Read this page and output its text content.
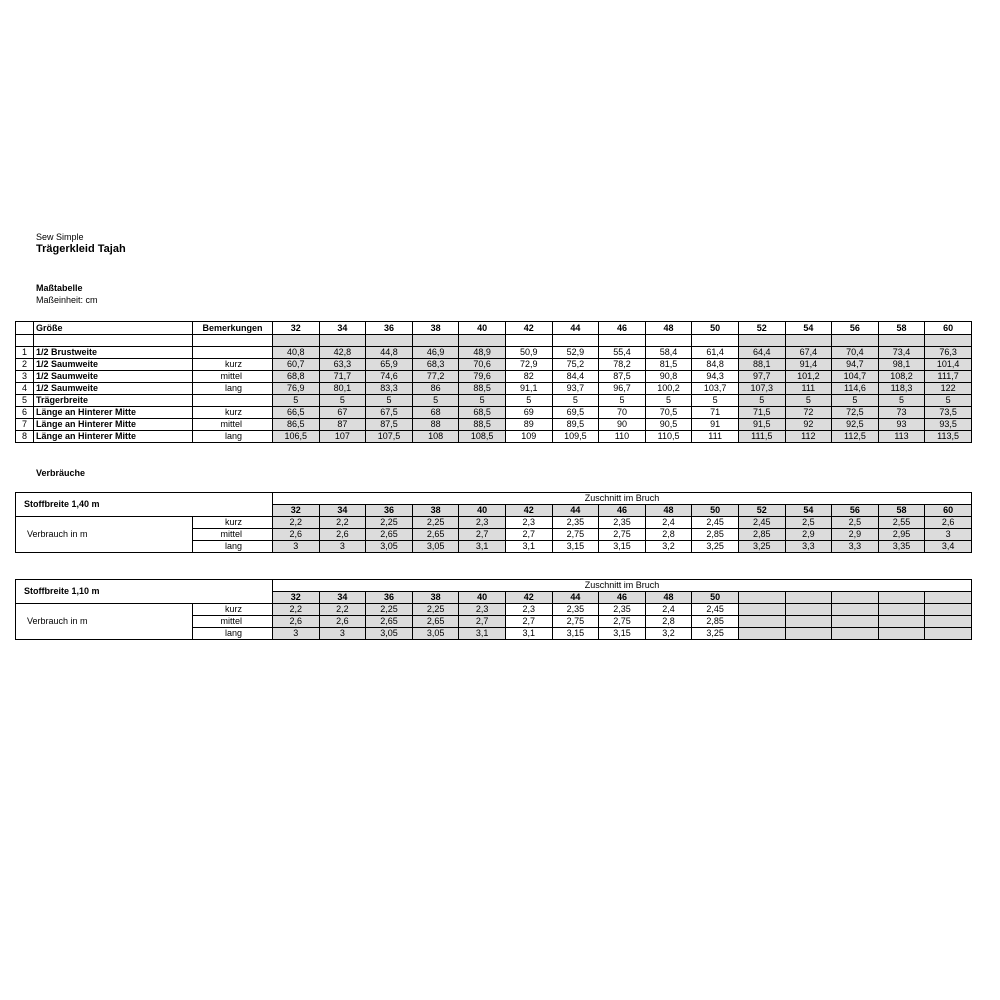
Sew Simple
Trägerkleid Tajah
Maßtabelle
Maßeinheit: cm
	Größe	Bemerkungen	32	34	36	38	40	42	44	46	48	50	52	54	56	58	60

1	1/2 Brustweite		40,8	42,8	44,8	46,9	48,9	50,9	52,9	55,4	58,4	61,4	64,4	67,4	70,4	73,4	76,3
2	1/2 Saumweite	kurz	60,7	63,3	65,9	68,3	70,6	72,9	75,2	78,2	81,5	84,8	88,1	91,4	94,7	98,1	101,4
3	1/2 Saumweite	mittel	68,8	71,7	74,6	77,2	79,6	82	84,4	87,5	90,8	94,3	97,7	101,2	104,7	108,2	111,7
4	1/2 Saumweite	lang	76,9	80,1	83,3	86	88,5	91,1	93,7	96,7	100,2	103,7	107,3	111	114,6	118,3	122
5	Trägerbreite		5	5	5	5	5	5	5	5	5	5	5	5	5	5	5
6	Länge an Hinterer Mitte	kurz	66,5	67	67,5	68	68,5	69	69,5	70	70,5	71	71,5	72	72,5	73	73,5
7	Länge an Hinterer Mitte	mittel	86,5	87	87,5	88	88,5	89	89,5	90	90,5	91	91,5	92	92,5	93	93,5
8	Länge an Hinterer Mitte	lang	106,5	107	107,5	108	108,5	109	109,5	110	110,5	111	111,5	112	112,5	113	113,5
Verbräuche
Stoffbreite 1,40 m		Zuschnitt im Bruch														
		32	34	36	38	40	42	44	46	48	50	52	54	56	58	60
Verbrauch in m	kurz	2,2	2,2	2,25	2,25	2,3	2,3	2,35	2,35	2,4	2,45	2,45	2,5	2,5	2,55	2,6
	mittel	2,6	2,6	2,65	2,65	2,7	2,7	2,75	2,75	2,8	2,85	2,85	2,9	2,9	2,95	3
	lang	3	3	3,05	3,05	3,1	3,1	3,15	3,15	3,2	3,25	3,25	3,3	3,3	3,35	3,4
Stoffbreite 1,10 m		Zuschnitt im Bruch														
		32	34	36	38	40	42	44	46	48	50					
Verbrauch in m	kurz	2,2	2,2	2,25	2,25	2,3	2,3	2,35	2,35	2,4	2,45					
	mittel	2,6	2,6	2,65	2,65	2,7	2,7	2,75	2,75	2,8	2,85					
	lang	3	3	3,05	3,05	3,1	3,1	3,15	3,15	3,2	3,25					
